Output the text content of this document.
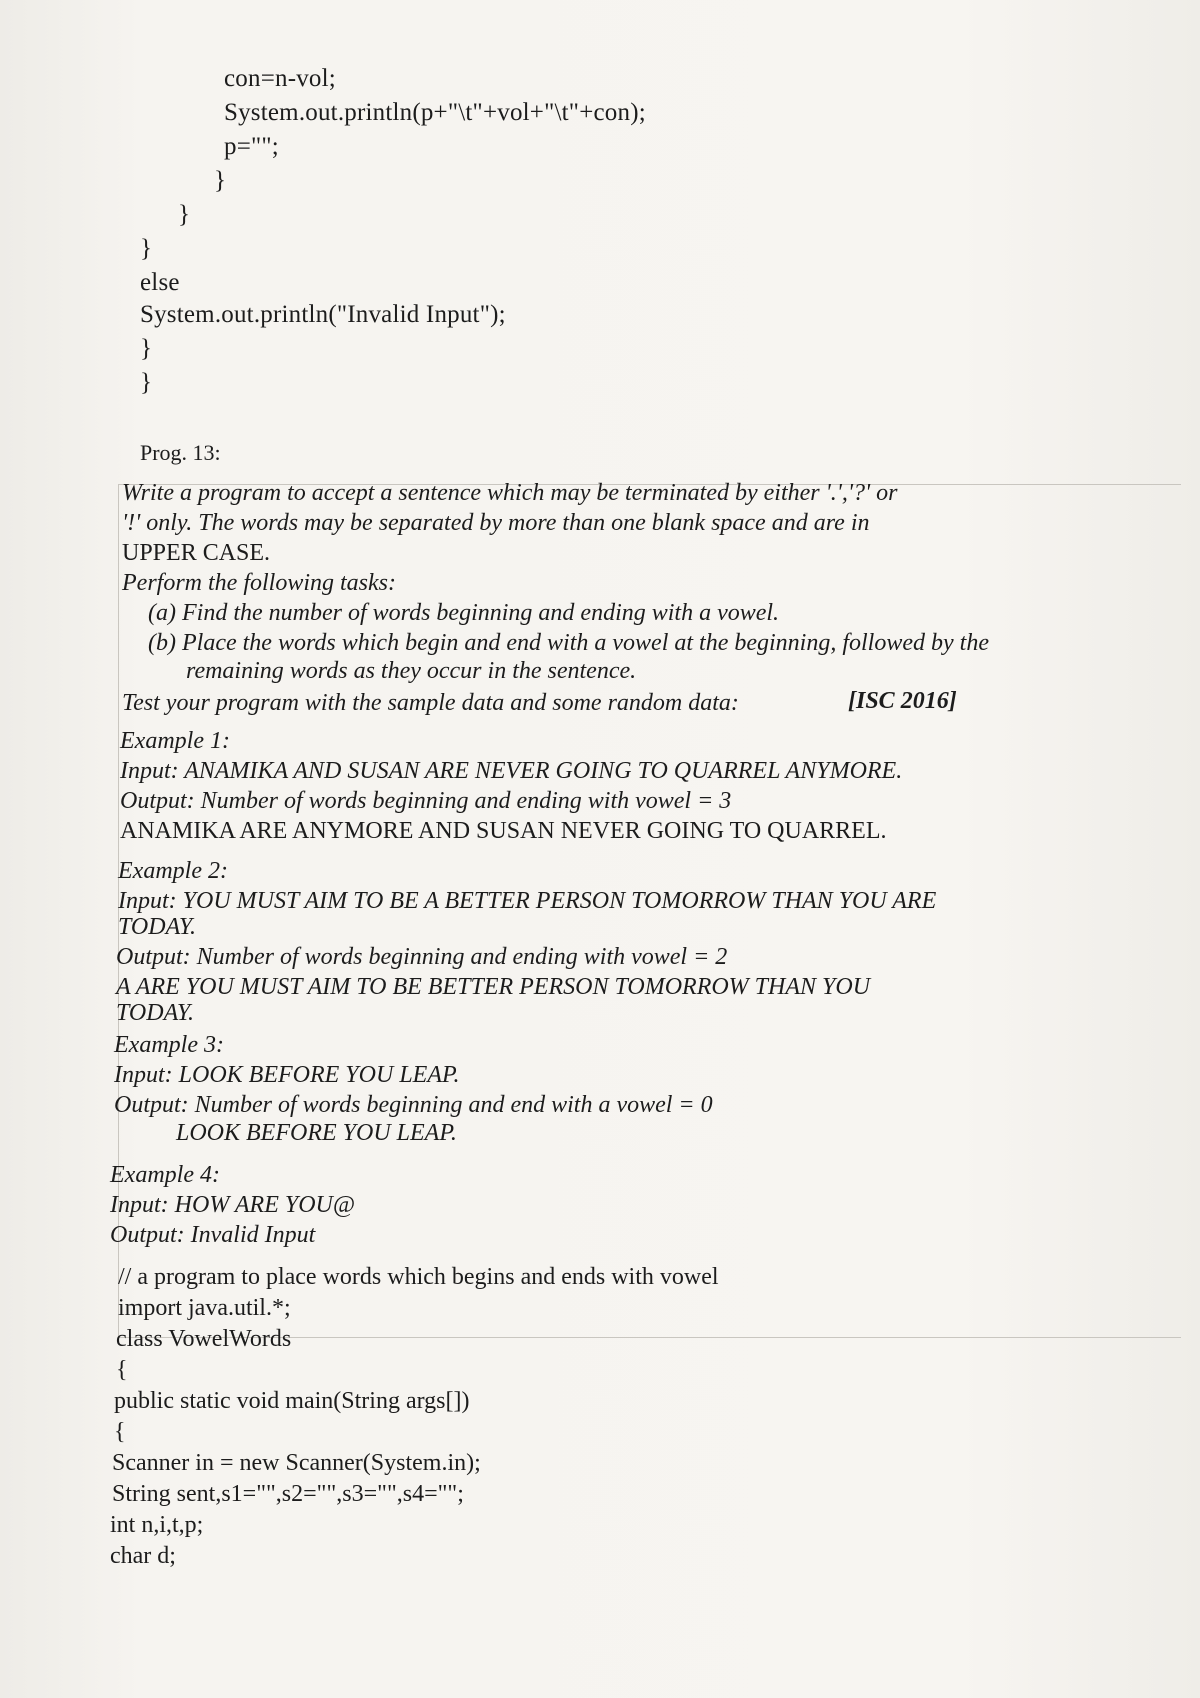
con=n-vol;
System.out.println(p+"\t"+vol+"\t"+con);
p="";
}
}
}
else
System.out.println("Invalid Input");
}
}
Prog. 13:
Write a program to accept a sentence which may be terminated by either '.','?' or
'!' only. The words may be separated by more than one blank space and are in
UPPER CASE.
Perform the following tasks:
(a) Find the number of words beginning and ending with a vowel.
(b) Place the words which begin and end with a vowel at the beginning, followed by the
remaining words as they occur in the sentence.
Test your program with the sample data and some random data:	[ISC 2016]
Example 1:
Input: ANAMIKA AND SUSAN ARE NEVER GOING TO QUARREL ANYMORE.
Output: Number of words beginning and ending with vowel = 3
ANAMIKA ARE ANYMORE AND SUSAN NEVER GOING TO QUARREL.
Example 2:
Input: YOU MUST AIM TO BE A BETTER PERSON TOMORROW THAN YOU ARE
TODAY.
Output: Number of words beginning and ending with vowel = 2
A ARE YOU MUST AIM TO BE BETTER PERSON TOMORROW THAN YOU
TODAY.
Example 3:
Input: LOOK BEFORE YOU LEAP.
Output: Number of words beginning and end with a vowel = 0
LOOK BEFORE YOU LEAP.
Example 4:
Input: HOW ARE YOU@
Output: Invalid Input
// a program to place words which begins and ends with vowel
import java.util.*;
class VowelWords
{
public static void main(String args[])
{
Scanner in = new Scanner(System.in);
String sent,s1="",s2="",s3="",s4="";
int n,i,t,p;
char d;
